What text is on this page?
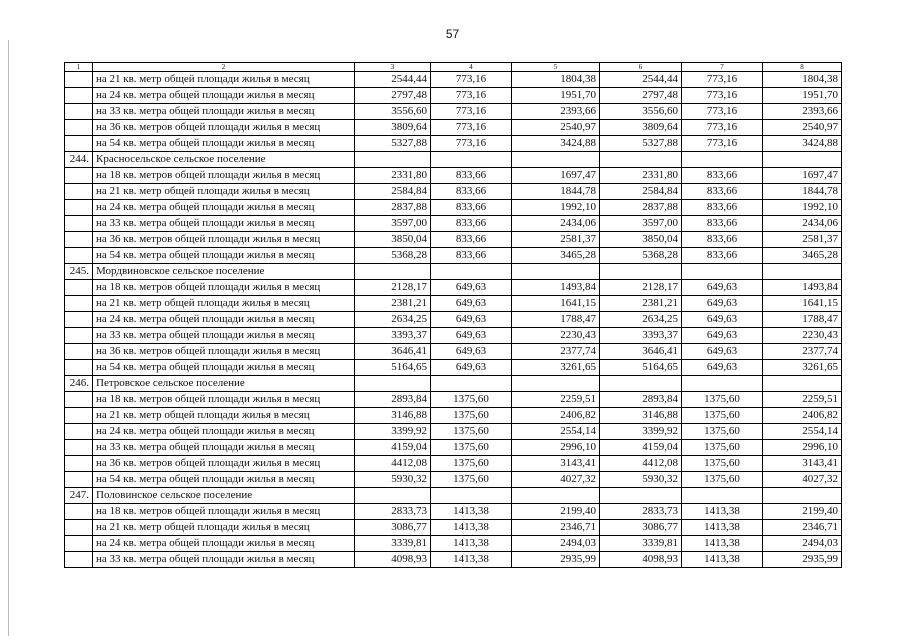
57
1	2	3	4	5	6	7	8
	на 21 кв. метр общей площади жилья в месяц	2544,44	773,16	1804,38	2544,44	773,16	1804,38
	на 24 кв. метра общей площади жилья в месяц	2797,48	773,16	1951,70	2797,48	773,16	1951,70
	на 33 кв. метра общей площади жилья в месяц	3556,60	773,16	2393,66	3556,60	773,16	2393,66
	на 36 кв. метров общей площади жилья в месяц	3809,64	773,16	2540,97	3809,64	773,16	2540,97
	на 54 кв. метра общей площади жилья в месяц	5327,88	773,16	3424,88	5327,88	773,16	3424,88
244.	Красносельское сельское поселение						
	на 18 кв. метров общей площади жилья в месяц	2331,80	833,66	1697,47	2331,80	833,66	1697,47
	на 21 кв. метр общей площади жилья в месяц	2584,84	833,66	1844,78	2584,84	833,66	1844,78
	на 24 кв. метра общей площади жилья в месяц	2837,88	833,66	1992,10	2837,88	833,66	1992,10
	на 33 кв. метра общей площади жилья в месяц	3597,00	833,66	2434,06	3597,00	833,66	2434,06
	на 36 кв. метров общей площади жилья в месяц	3850,04	833,66	2581,37	3850,04	833,66	2581,37
	на 54 кв. метра общей площади жилья в месяц	5368,28	833,66	3465,28	5368,28	833,66	3465,28
245.	Мордвиновское сельское поселение						
	на 18 кв. метров общей площади жилья в месяц	2128,17	649,63	1493,84	2128,17	649,63	1493,84
	на 21 кв. метр общей площади жилья в месяц	2381,21	649,63	1641,15	2381,21	649,63	1641,15
	на 24 кв. метра общей площади жилья в месяц	2634,25	649,63	1788,47	2634,25	649,63	1788,47
	на 33 кв. метра общей площади жилья в месяц	3393,37	649,63	2230,43	3393,37	649,63	2230,43
	на 36 кв. метров общей площади жилья в месяц	3646,41	649,63	2377,74	3646,41	649,63	2377,74
	на 54 кв. метра общей площади жилья в месяц	5164,65	649,63	3261,65	5164,65	649,63	3261,65
246.	Петровское сельское поселение						
	на 18 кв. метров общей площади жилья в месяц	2893,84	1375,60	2259,51	2893,84	1375,60	2259,51
	на 21 кв. метр общей площади жилья в месяц	3146,88	1375,60	2406,82	3146,88	1375,60	2406,82
	на 24 кв. метра общей площади жилья в месяц	3399,92	1375,60	2554,14	3399,92	1375,60	2554,14
	на 33 кв. метра общей площади жилья в месяц	4159,04	1375,60	2996,10	4159,04	1375,60	2996,10
	на 36 кв. метров общей площади жилья в месяц	4412,08	1375,60	3143,41	4412,08	1375,60	3143,41
	на 54 кв. метра общей площади жилья в месяц	5930,32	1375,60	4027,32	5930,32	1375,60	4027,32
247.	Половинское сельское поселение						
	на 18 кв. метров общей площади жилья в месяц	2833,73	1413,38	2199,40	2833,73	1413,38	2199,40
	на 21 кв. метр общей площади жилья в месяц	3086,77	1413,38	2346,71	3086,77	1413,38	2346,71
	на 24 кв. метра общей площади жилья в месяц	3339,81	1413,38	2494,03	3339,81	1413,38	2494,03
	на 33 кв. метра общей площади жилья в месяц	4098,93	1413,38	2935,99	4098,93	1413,38	2935,99
